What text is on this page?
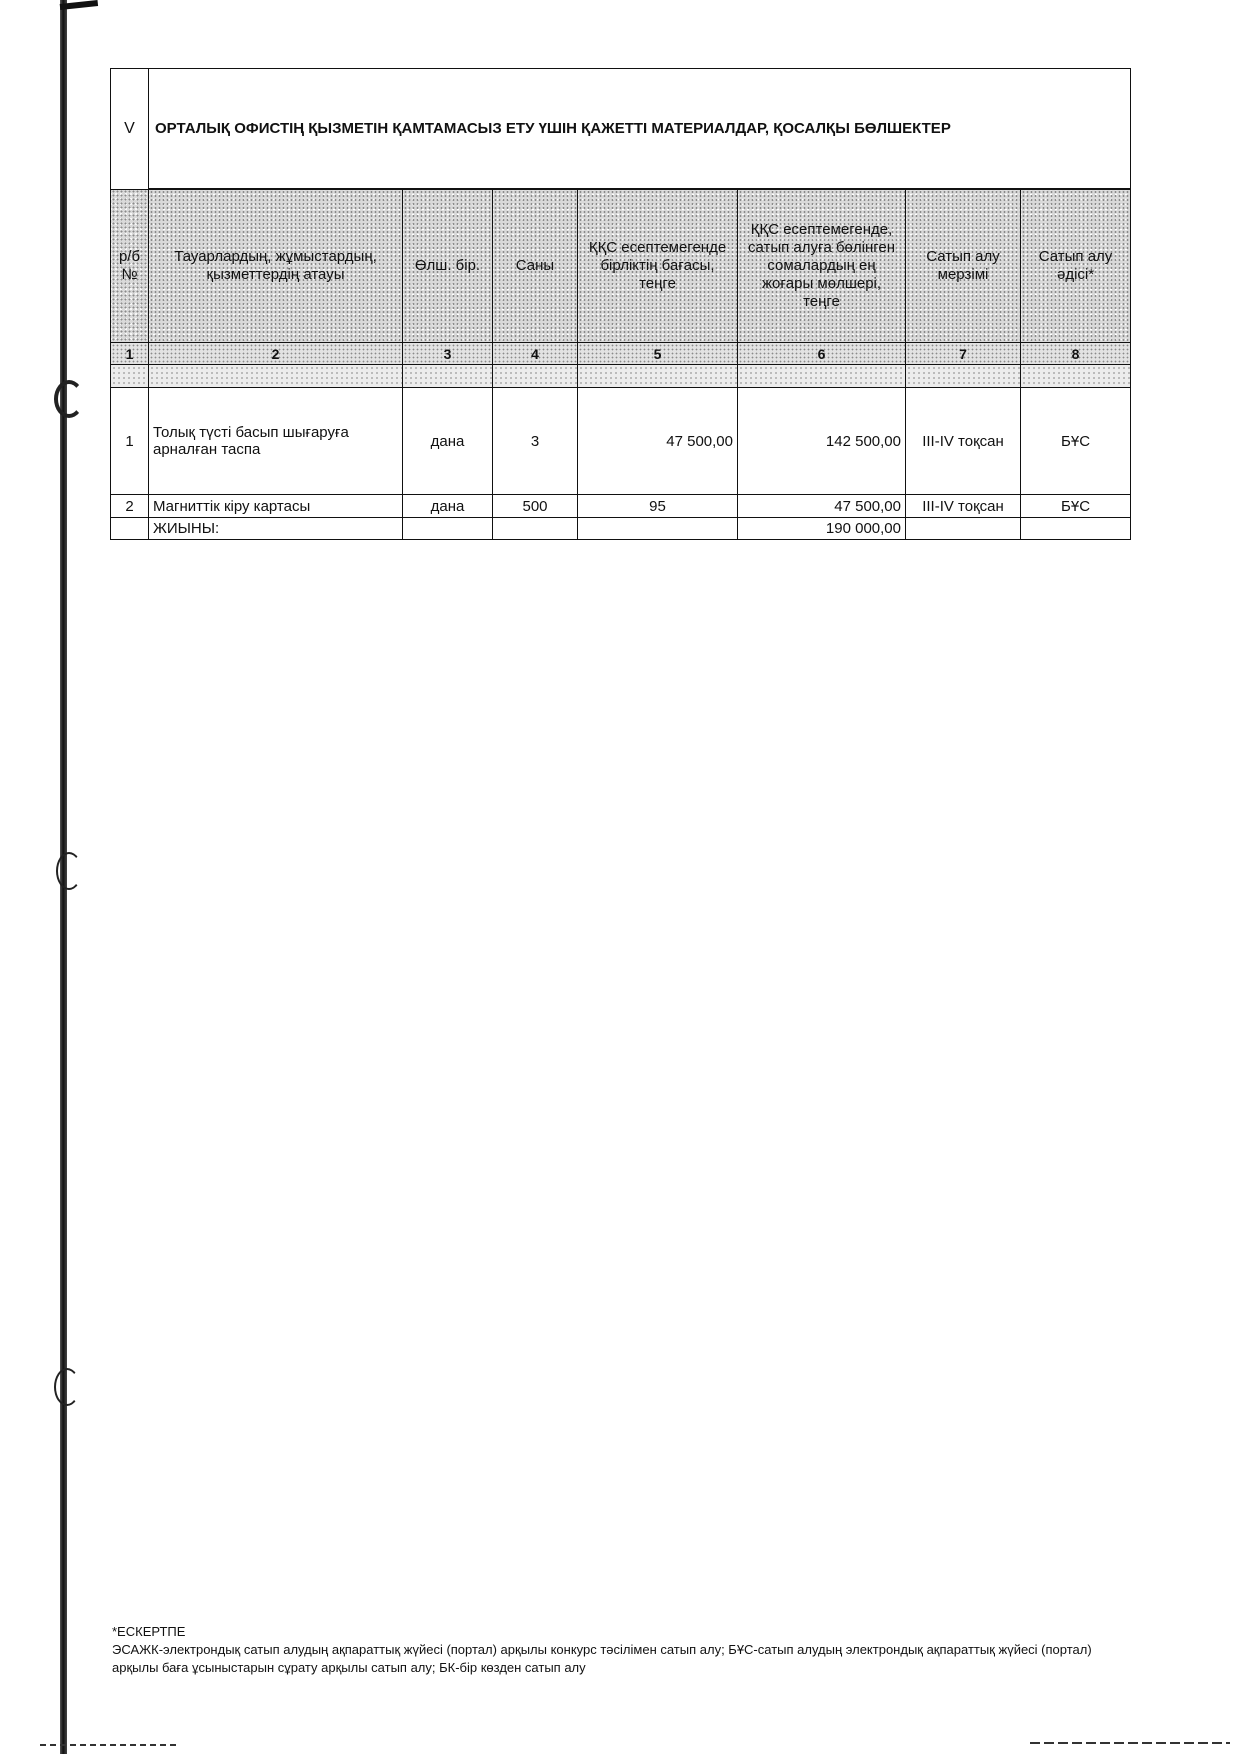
V	ОРТАЛЫҚ ОФИСТІҢ ҚЫЗМЕТІН ҚАМТАМАСЫЗ ЕТУ ҮШІН ҚАЖЕТТІ МАТЕРИАЛДАР, ҚОСАЛҚЫ БӨЛШЕКТЕР						
р/б №	Тауарлардың, жұмыстардың, қызметтердің атауы	Өлш. бір.	Саны	ҚҚС есептемегенде бірліктің бағасы, теңге	ҚҚС есептемегенде, сатып алуға бөлінген сомалардың ең жоғары мөлшері, теңге	Сатып алу мерзімі	Сатып алу әдісі*
1	2	3	4	5	6	7	8

1	Толық түсті басып шығаруға арналған таспа	дана	3	47 500,00	142 500,00	III-IV тоқсан	БҰС
2	Магниттік кіру картасы	дана	500	95	47 500,00	III-IV тоқсан	БҰС
	ЖИЫНЫ:				190 000,00		
*ЕСКЕРТПЕ
ЭСАЖК-электрондық сатып алудың ақпараттық жүйесі (портал) арқылы конкурс тәсілімен сатып алу; БҰС-сатып алудың электрондық ақпараттық жүйесі (портал) арқылы баға ұсыныстарын сұрату арқылы сатып алу; БК-бір көзден сатып алу
